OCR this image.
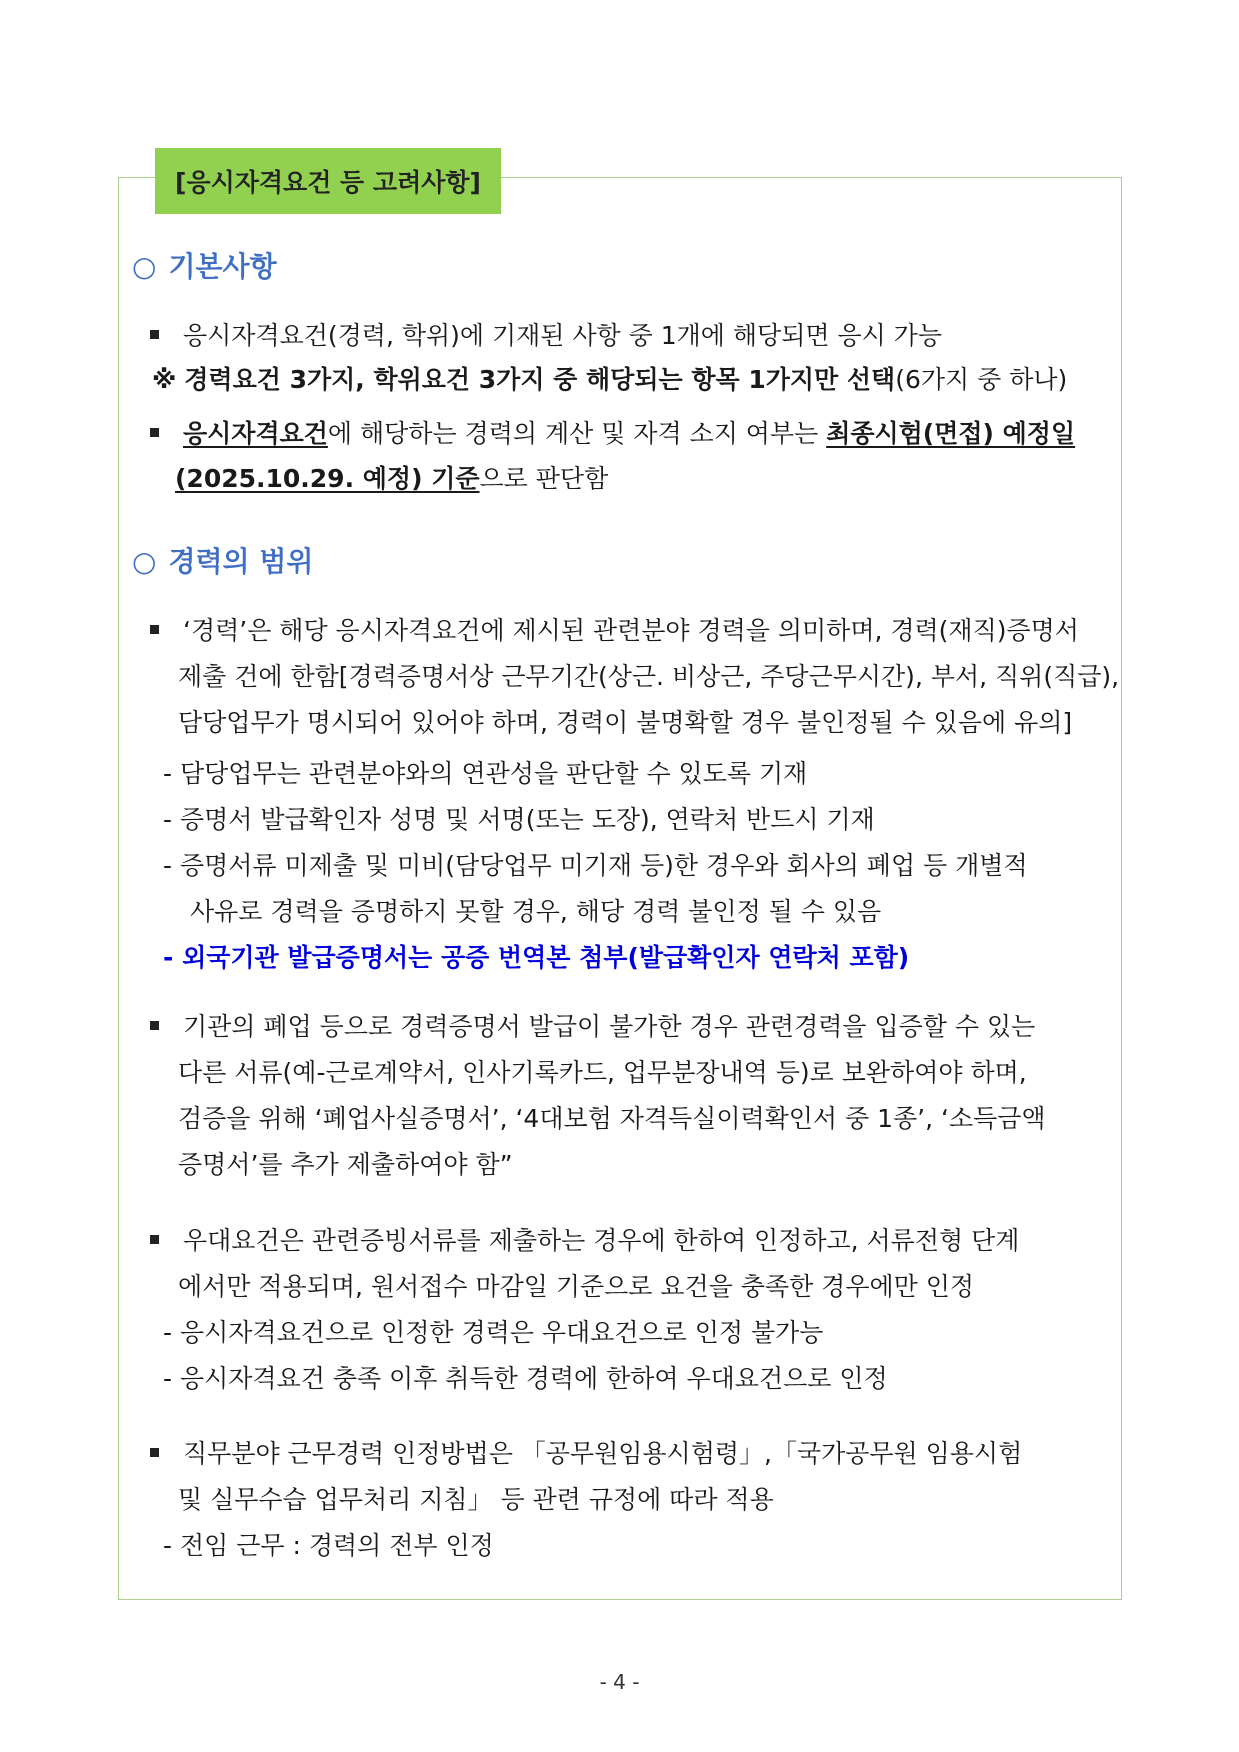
[응시자격요건 등 고려사항]
○ 기본사항
응시자격요건(경력, 학위)에 기재된 사항 중 1개에 해당되면 응시 가능
※ 경력요건 3가지, 학위요건 3가지 중 해당되는 항목 1가지만 선택(6가지 중 하나)
응시자격요건에 해당하는 경력의 계산 및 자격 소지 여부는 최종시험(면접) 예정일
(2025.10.29. 예정) 기준으로 판단함
○ 경력의 범위
‘경력’은 해당 응시자격요건에 제시된 관련분야 경력을 의미하며, 경력(재직)증명서
제출 건에 한함[경력증명서상 근무기간(상근. 비상근, 주당근무시간), 부서, 직위(직급),
담당업무가 명시되어 있어야 하며, 경력이 불명확할 경우 불인정될 수 있음에 유의]
- 담당업무는 관련분야와의 연관성을 판단할 수 있도록 기재
- 증명서 발급확인자 성명 및 서명(또는 도장), 연락처 반드시 기재
- 증명서류 미제출 및 미비(담당업무 미기재 등)한 경우와 회사의 폐업 등 개별적
사유로 경력을 증명하지 못할 경우, 해당 경력 불인정 될 수 있음
- 외국기관 발급증명서는 공증 번역본 첨부(발급확인자 연락처 포함)
기관의 폐업 등으로 경력증명서 발급이 불가한 경우 관련경력을 입증할 수 있는
다른 서류(예-근로계약서, 인사기록카드, 업무분장내역 등)로 보완하여야 하며,
검증을 위해 ‘폐업사실증명서’, ‘4대보험 자격득실이력확인서 중 1종’, ‘소득금액
증명서’를 추가 제출하여야 함”
우대요건은 관련증빙서류를 제출하는 경우에 한하여 인정하고, 서류전형 단계
에서만 적용되며, 원서접수 마감일 기준으로 요건을 충족한 경우에만 인정
- 응시자격요건으로 인정한 경력은 우대요건으로 인정 불가능
- 응시자격요건 충족 이후 취득한 경력에 한하여 우대요건으로 인정
직무분야 근무경력 인정방법은 「공무원임용시험령」,「국가공무원 임용시험
및 실무수습 업무처리 지침」 등 관련 규정에 따라 적용
- 전임 근무 : 경력의 전부 인정
- 4 -
